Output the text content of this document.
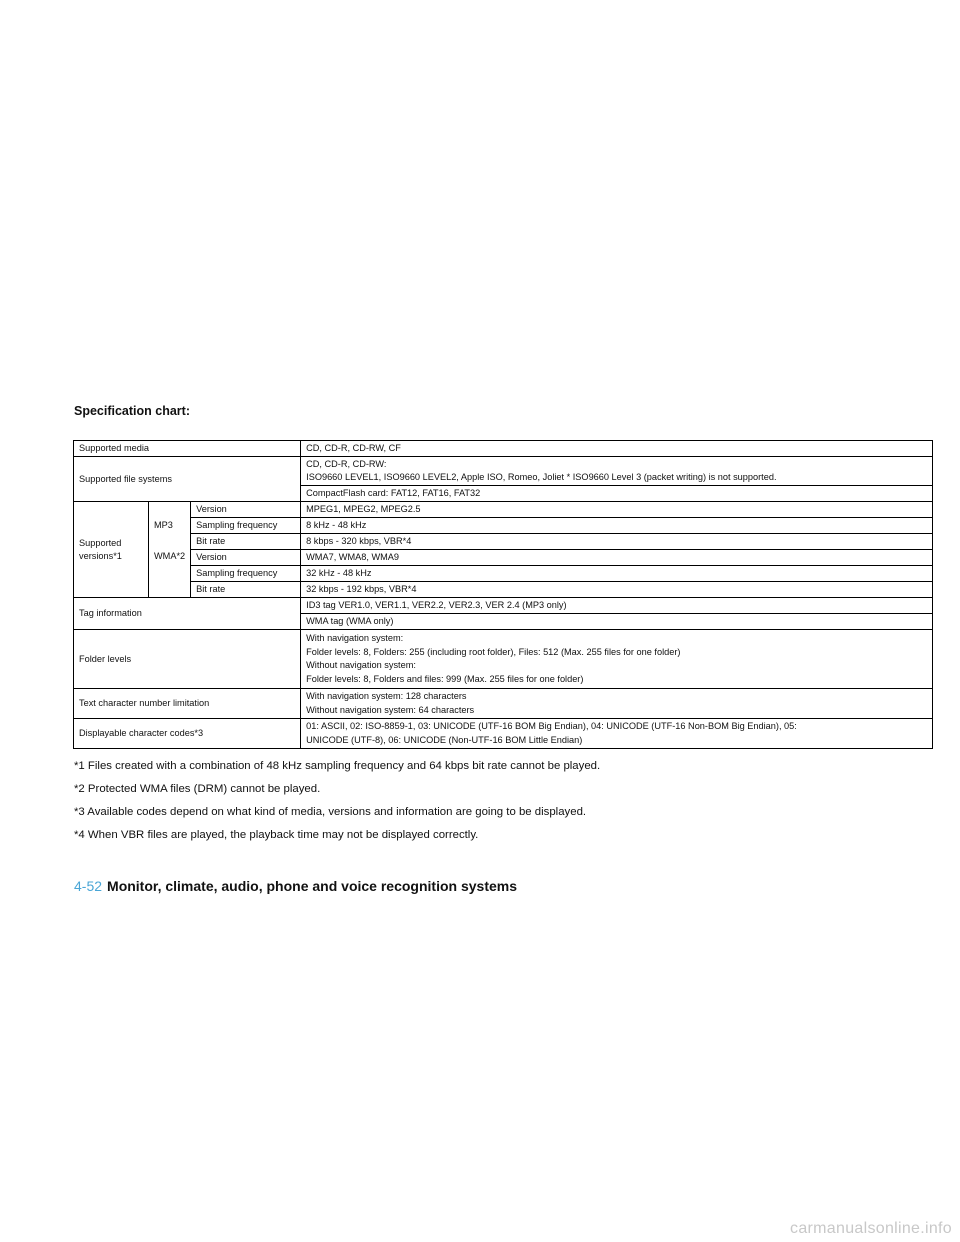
Specification chart:
Supported media			CD, CD-R, CD-RW, CF
Supported file systems			CD, CD-R, CD-RW:
ISO9660 LEVEL1, ISO9660 LEVEL2, Apple ISO, Romeo, Joliet * ISO9660 Level 3 (packet writing) is not supported.

			CompactFlash card: FAT12, FAT16, FAT32

Supported
versions*1	MP3	Version	MPEG1, MPEG2, MPEG2.5
		Sampling frequency	8 kHz - 48 kHz
		Bit rate	8 kbps - 320 kbps, VBR*4
	WMA*2	Version	WMA7, WMA8, WMA9
		Sampling frequency	32 kHz - 48 kHz
		Bit rate	32 kbps - 192 kbps, VBR*4
Tag information			ID3 tag VER1.0, VER1.1, VER2.2, VER2.3, VER 2.4 (MP3 only)
			WMA tag (WMA only)
Folder levels			With navigation system:
Folder levels: 8, Folders: 255 (including root folder), Files: 512 (Max. 255 files for one folder)
Without navigation system:
Folder levels: 8, Folders and files: 999 (Max. 255 files for one folder)

Text character number limitation			With navigation system: 128 characters
Without navigation system: 64 characters

Displayable character codes*3			01: ASCII, 02: ISO-8859-1, 03: UNICODE (UTF-16 BOM Big Endian), 04: UNICODE (UTF-16 Non-BOM Big Endian), 05:
UNICODE (UTF-8), 06: UNICODE (Non-UTF-16 BOM Little Endian)

*1 Files created with a combination of 48 kHz sampling frequency and 64 kbps bit rate cannot be played.

*2 Protected WMA files (DRM) cannot be played.

*3 Available codes depend on what kind of media, versions and information are going to be displayed.

*4 When VBR files are played, the playback time may not be displayed correctly.

4-52 Monitor, climate, audio, phone and voice recognition systems
carmanualsonline.info
